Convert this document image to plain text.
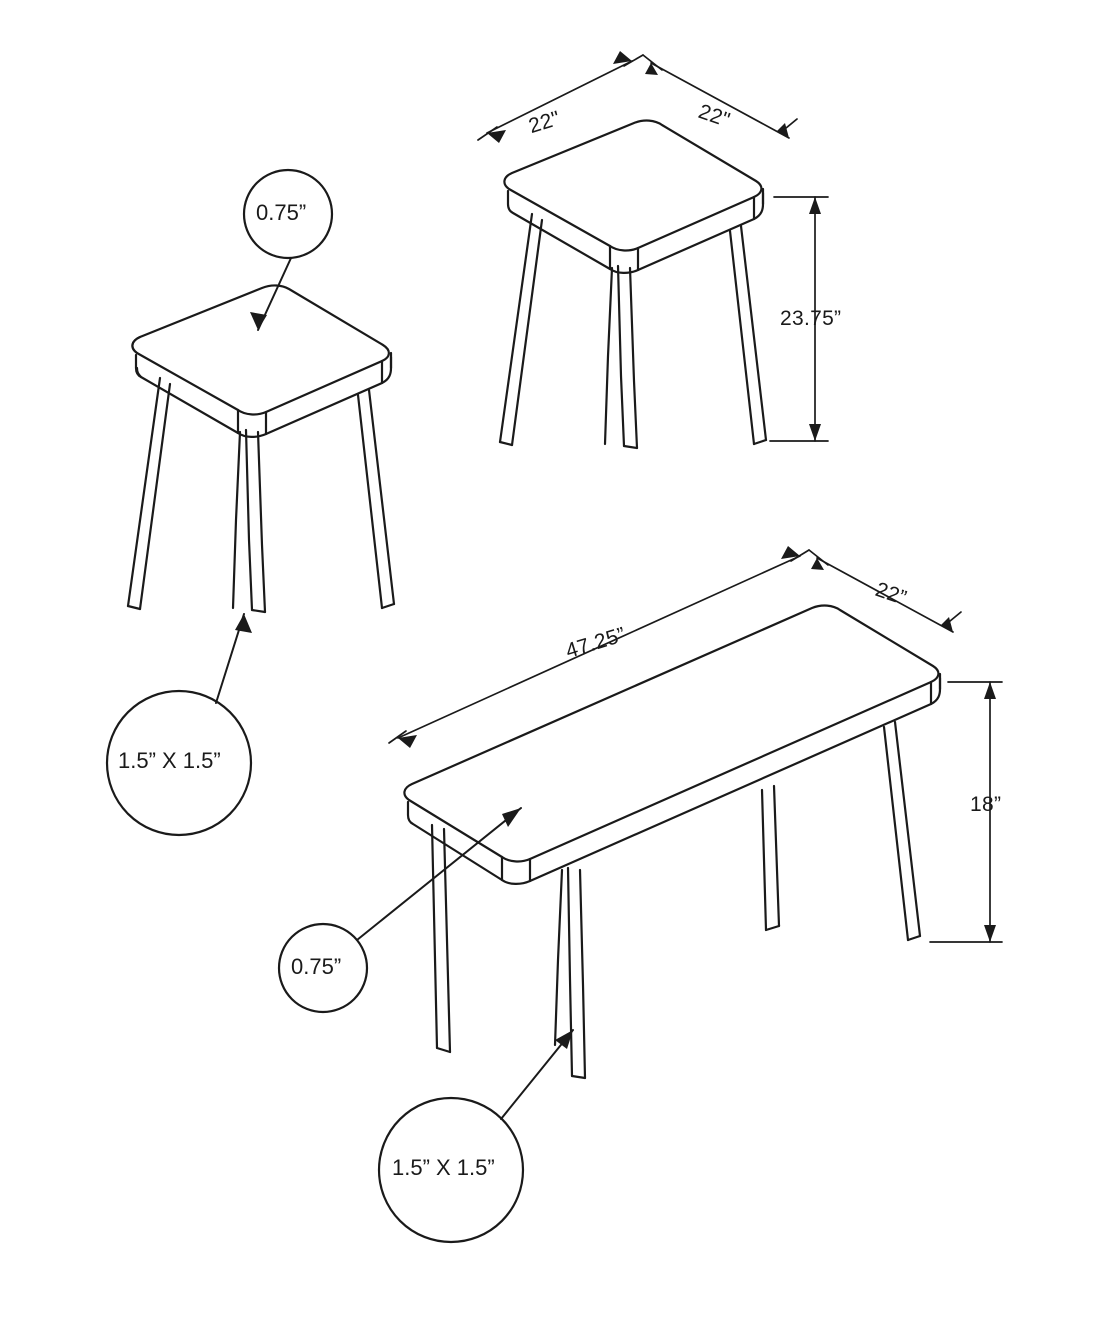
0.75”
1.5” X 1.5”
22"	22"
23.75”
47.25”
22”
18”
0.75”
1.5” X 1.5”
